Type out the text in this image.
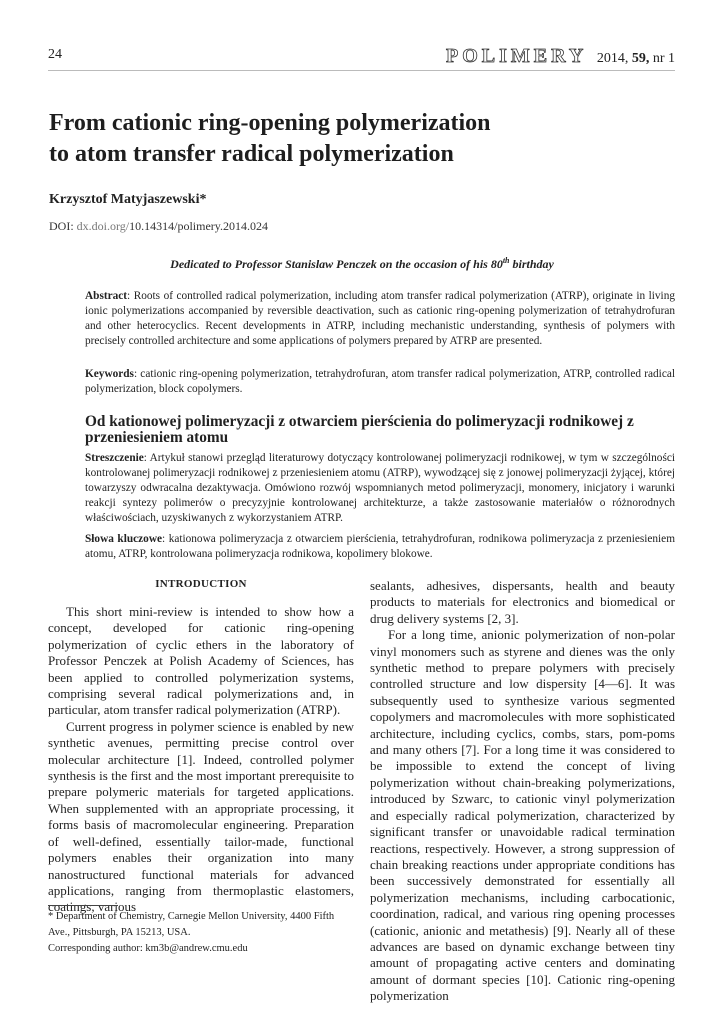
24	POLIMERY 2014, 59, nr 1
From cationic ring-opening polymerization
to atom transfer radical polymerization
Krzysztof Matyjaszewski*
DOI: dx.doi.org/10.14314/polimery.2014.024
Dedicated to Professor Stanislaw Penczek on the occasion of his 80th birthday
Abstract: Roots of controlled radical polymerization, including atom transfer radical polymerization (ATRP), originate in living ionic polymerizations accompanied by reversible deactivation, such as cationic ring-opening polymerization of tetrahydrofuran and other heterocyclics. Recent developments in ATRP, including mechanistic understanding, synthesis of polymers with precisely controlled architecture and some applications of polymers prepared by ATRP are presented.
Keywords: cationic ring-opening polymerization, tetrahydrofuran, atom transfer radical polymerization, ATRP, controlled radical polymerization, block copolymers.
Od kationowej polimeryzacji z otwarciem pierścienia do polimeryzacji rodnikowej z przeniesieniem atomu
Streszczenie: Artykuł stanowi przegląd literaturowy dotyczący kontrolowanej polimeryzacji rodnikowej, w tym w szczególności kontrolowanej polimeryzacji rodnikowej z przeniesieniem atomu (ATRP), wywodzącej się z jonowej polimeryzacji żyjącej, której towarzyszy odwracalna dezaktywacja. Omówiono rozwój wspomnianych metod polimeryzacji, monomery, inicjatory i warunki reakcji syntezy polimerów o precyzyjnie kontrolowanej architekturze, a także zastosowanie materiałów o różnorodnych właściwościach, uzyskiwanych z wykorzystaniem ATRP.
Słowa kluczowe: kationowa polimeryzacja z otwarciem pierścienia, tetrahydrofuran, rodnikowa polimeryzacja z przeniesieniem atomu, ATRP, kontrolowana polimeryzacja rodnikowa, kopolimery blokowe.
INTRODUCTION

This short mini-review is intended to show how a concept, developed for cationic ring-opening polymerization of cyclic ethers in the laboratory of Professor Penczek at Polish Academy of Sciences, has been applied to controlled polymerization systems, comprising several radical polymerizations and, in particular, atom transfer radical polymerization (ATRP).

Current progress in polymer science is enabled by new synthetic avenues, permitting precise control over molecular architecture [1]. Indeed, controlled polymer synthesis is the first and the most important prerequisite to prepare polymeric materials for targeted applications. When supplemented with an appropriate processing, it forms basis of macromolecular engineering. Preparation of well-defined, essentially tailor-made, functional polymers enables their organization into many nanostructured functional materials for advanced applications, ranging from thermoplastic elastomers, coatings, various

sealants, adhesives, dispersants, health and beauty products to materials for electronics and biomedical or drug delivery systems [2, 3].

For a long time, anionic polymerization of non-polar vinyl monomers such as styrene and dienes was the only synthetic method to prepare polymers with precisely controlled structure and low dispersity [4—6]. It was subsequently used to synthesize various segmented copolymers and macromolecules with more sophisticated architecture, including cyclics, combs, stars, pom-poms and many others [7]. For a long time it was considered to be impossible to extend the concept of living polymerization without chain-breaking polymerizations, introduced by Szwarc, to cationic vinyl polymerization and especially radical polymerization, characterized by significant transfer or unavoidable radical termination reactions, respectively. However, a strong suppression of chain breaking reactions under appropriate conditions has been successively demonstrated for essentially all polymerization mechanisms, including carbocationic, coordination, radical, and various ring opening processes (cationic, anionic and metathesis) [9]. Nearly all of these advances are based on dynamic exchange between tiny amount of propagating active centers and dominating amount of dormant species [10]. Cationic ring-opening polymerization

* Department of Chemistry, Carnegie Mellon University, 4400 Fifth Ave., Pittsburgh, PA 15213, USA.
Corresponding author: km3b@andrew.cmu.edu
